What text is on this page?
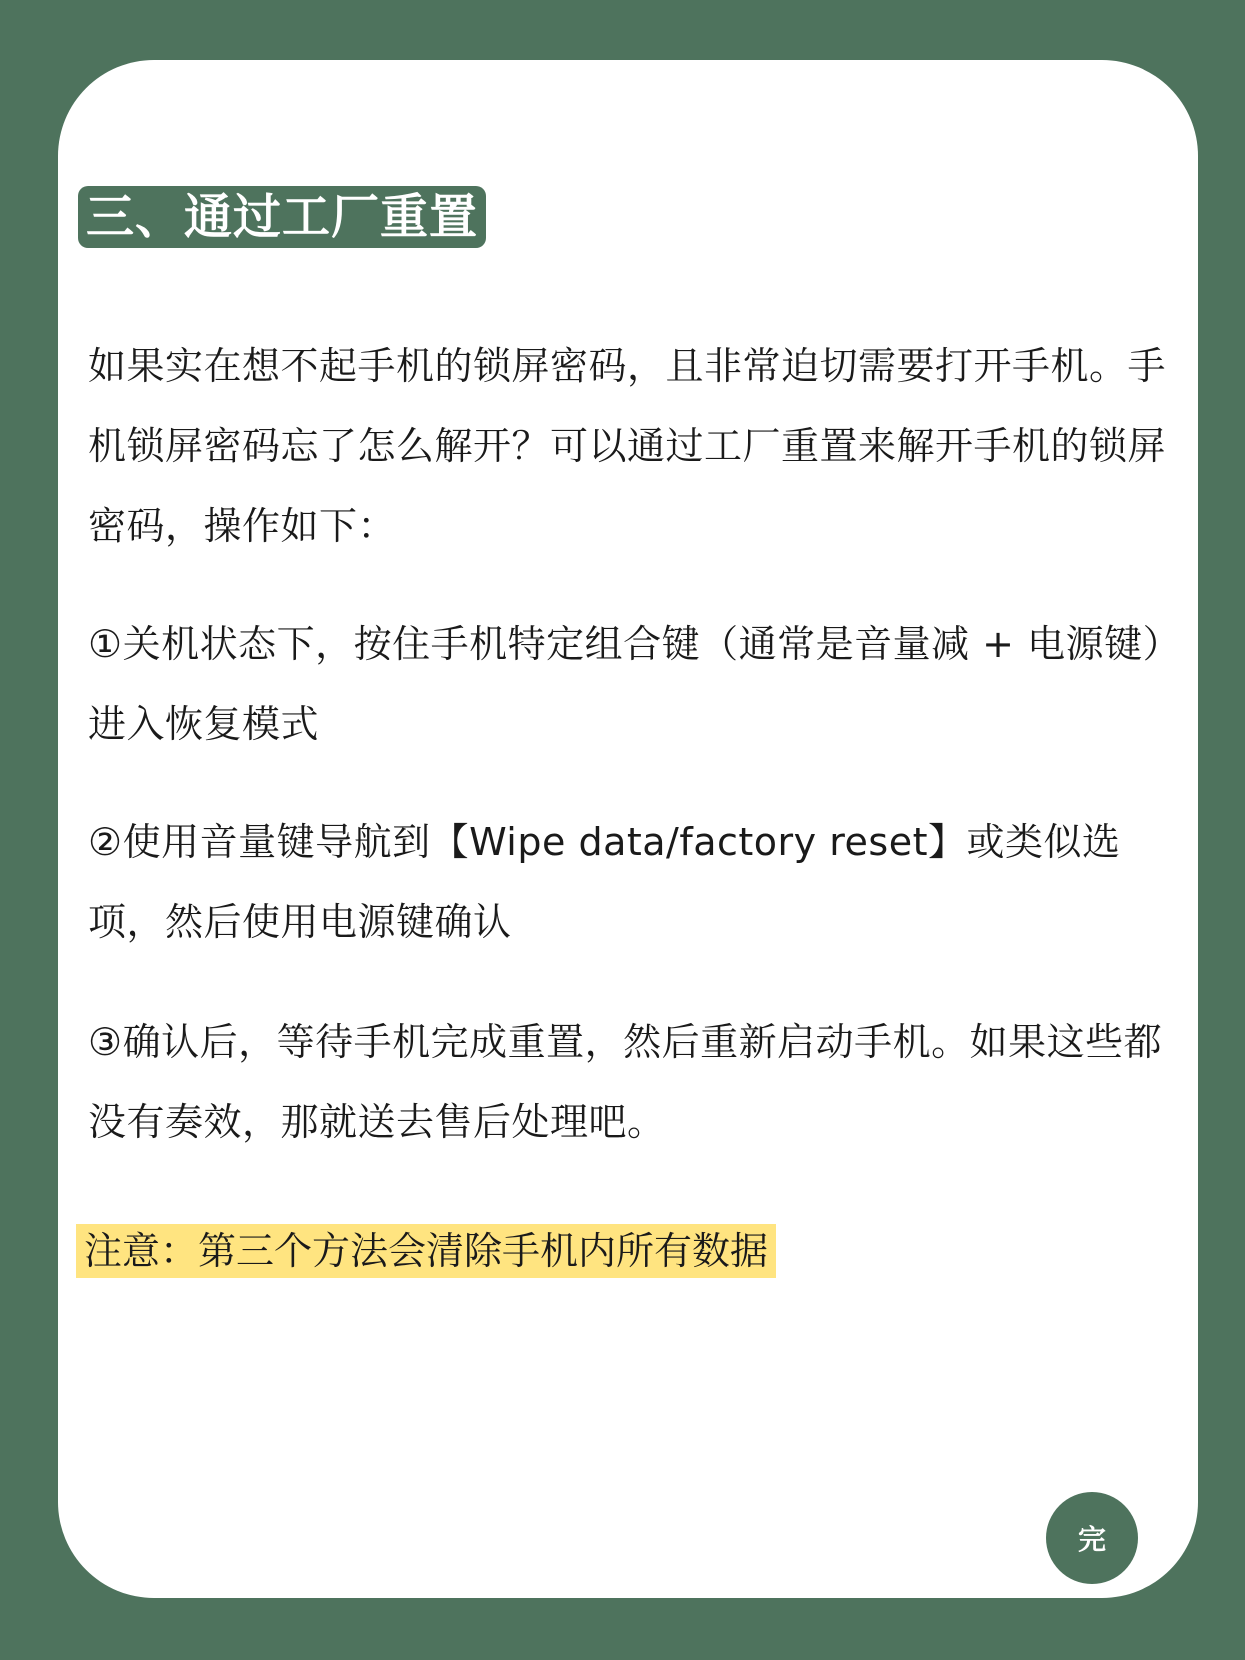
三、通过工厂重置

如果实在想不起手机的锁屏密码，且非常迫切需要打开手机。手机锁屏密码忘了怎么解开？可以通过工厂重置来解开手机的锁屏密码，操作如下：

①关机状态下，按住手机特定组合键（通常是音量减 + 电源键）进入恢复模式

②使用音量键导航到【Wipe data/factory reset】或类似选项，然后使用电源键确认

③确认后，等待手机完成重置，然后重新启动手机。如果这些都没有奏效，那就送去售后处理吧。

注意：第三个方法会清除手机内所有数据
完
